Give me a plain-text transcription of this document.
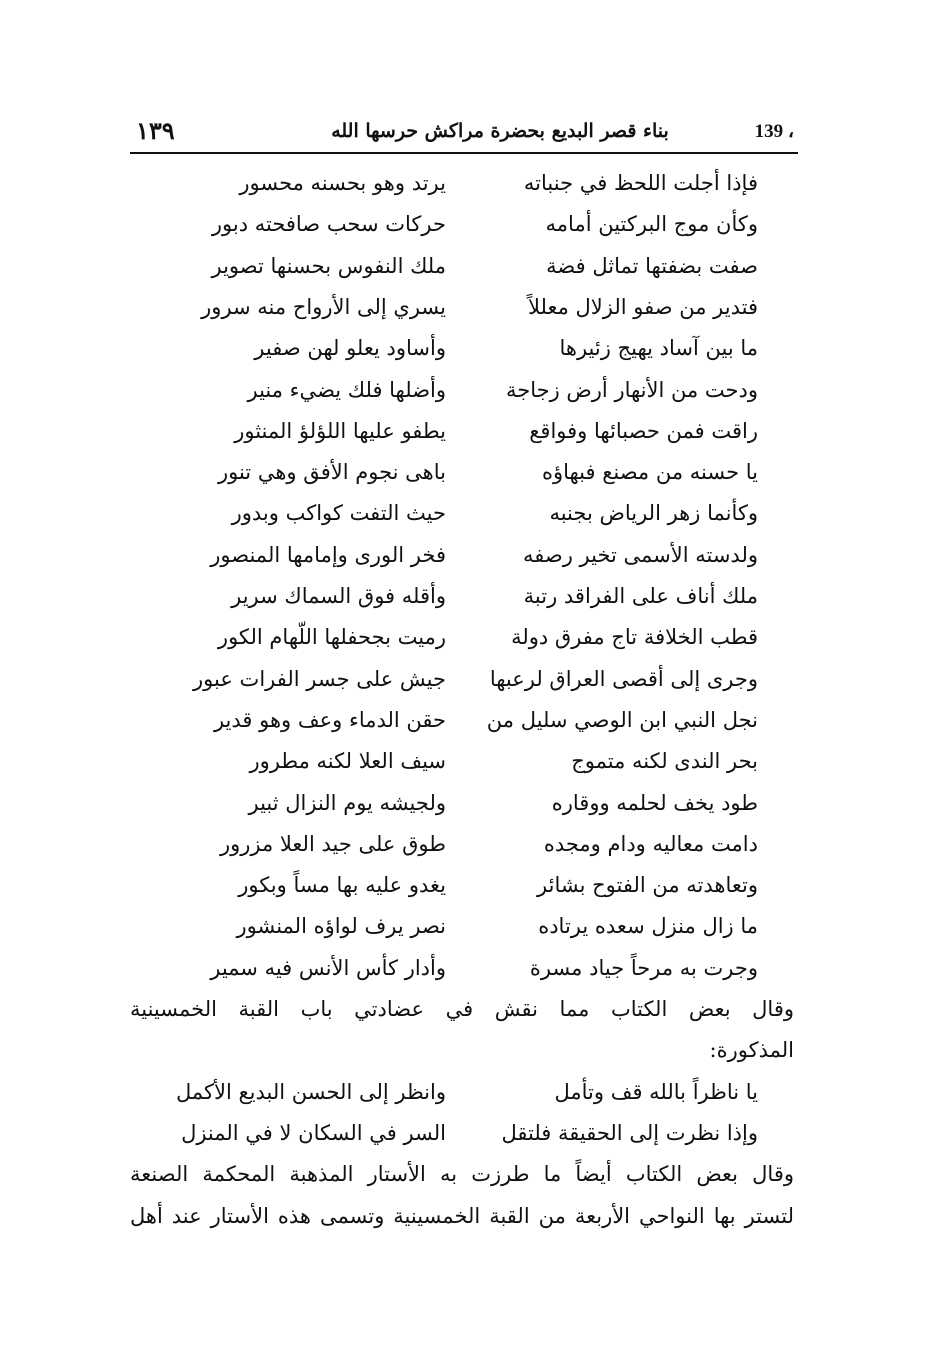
١٣٩	بناء قصر البديع بحضرة مراكش حرسها الله	139 ،
فإذا أجلت اللحظ في جنباته
يرتد وهو بحسنه محسور
وكأن موج البركتين أمامه
حركات سحب صافحته دبور
صفت بضفتها تماثل فضة
ملك النفوس بحسنها تصوير
فتدير من صفو الزلال معللاً
يسري إلى الأرواح منه سرور
ما بين آساد يهيج زئيرها
وأساود يعلو لهن صفير
ودحت من الأنهار أرض زجاجة
وأضلها فلك يضيء منير
راقت فمن حصبائها وفواقع
يطفو عليها اللؤلؤ المنثور
يا حسنه من مصنع فبهاؤه
باهى نجوم الأفق وهي تنور
وكأنما زهر الرياض بجنبه
حيث التفت كواكب وبدور
ولدسته الأسمى تخير رصفه
فخر الورى وإمامها المنصور
ملك أناف على الفراقد رتبة
وأقله فوق السماك سرير
قطب الخلافة تاج مفرق دولة
رميت بجحفلها اللّهام الكور
وجرى إلى أقصى العراق لرعبها
جيش على جسر الفرات عبور
نجل النبي ابن الوصي سليل من
حقن الدماء وعف وهو قدير
بحر الندى لكنه متموج
سيف العلا لكنه مطرور
طود يخف لحلمه ووقاره
ولجيشه يوم النزال ثبير
دامت معاليه ودام ومجده
طوق على جيد العلا مزرور
وتعاهدته من الفتوح بشائر
يغدو عليه بها مساً وبكور
ما زال منزل سعده يرتاده
نصر يرف لواؤه المنشور
وجرت به مرحاً جياد مسرة
وأدار كأس الأنس فيه سمير
وقال بعض الكتاب مما نقش في عضادتي باب القبة الخمسينية
المذكورة:
يا ناظراً بالله قف وتأمل
وانظر إلى الحسن البديع الأكمل
وإذا نظرت إلى الحقيقة فلتقل
السر في السكان لا في المنزل
وقال بعض الكتاب أيضاً ما طرزت به الأستار المذهبة المحكمة الصنعة
لتستر بها النواحي الأربعة من القبة الخمسينية وتسمى هذه الأستار عند أهل
